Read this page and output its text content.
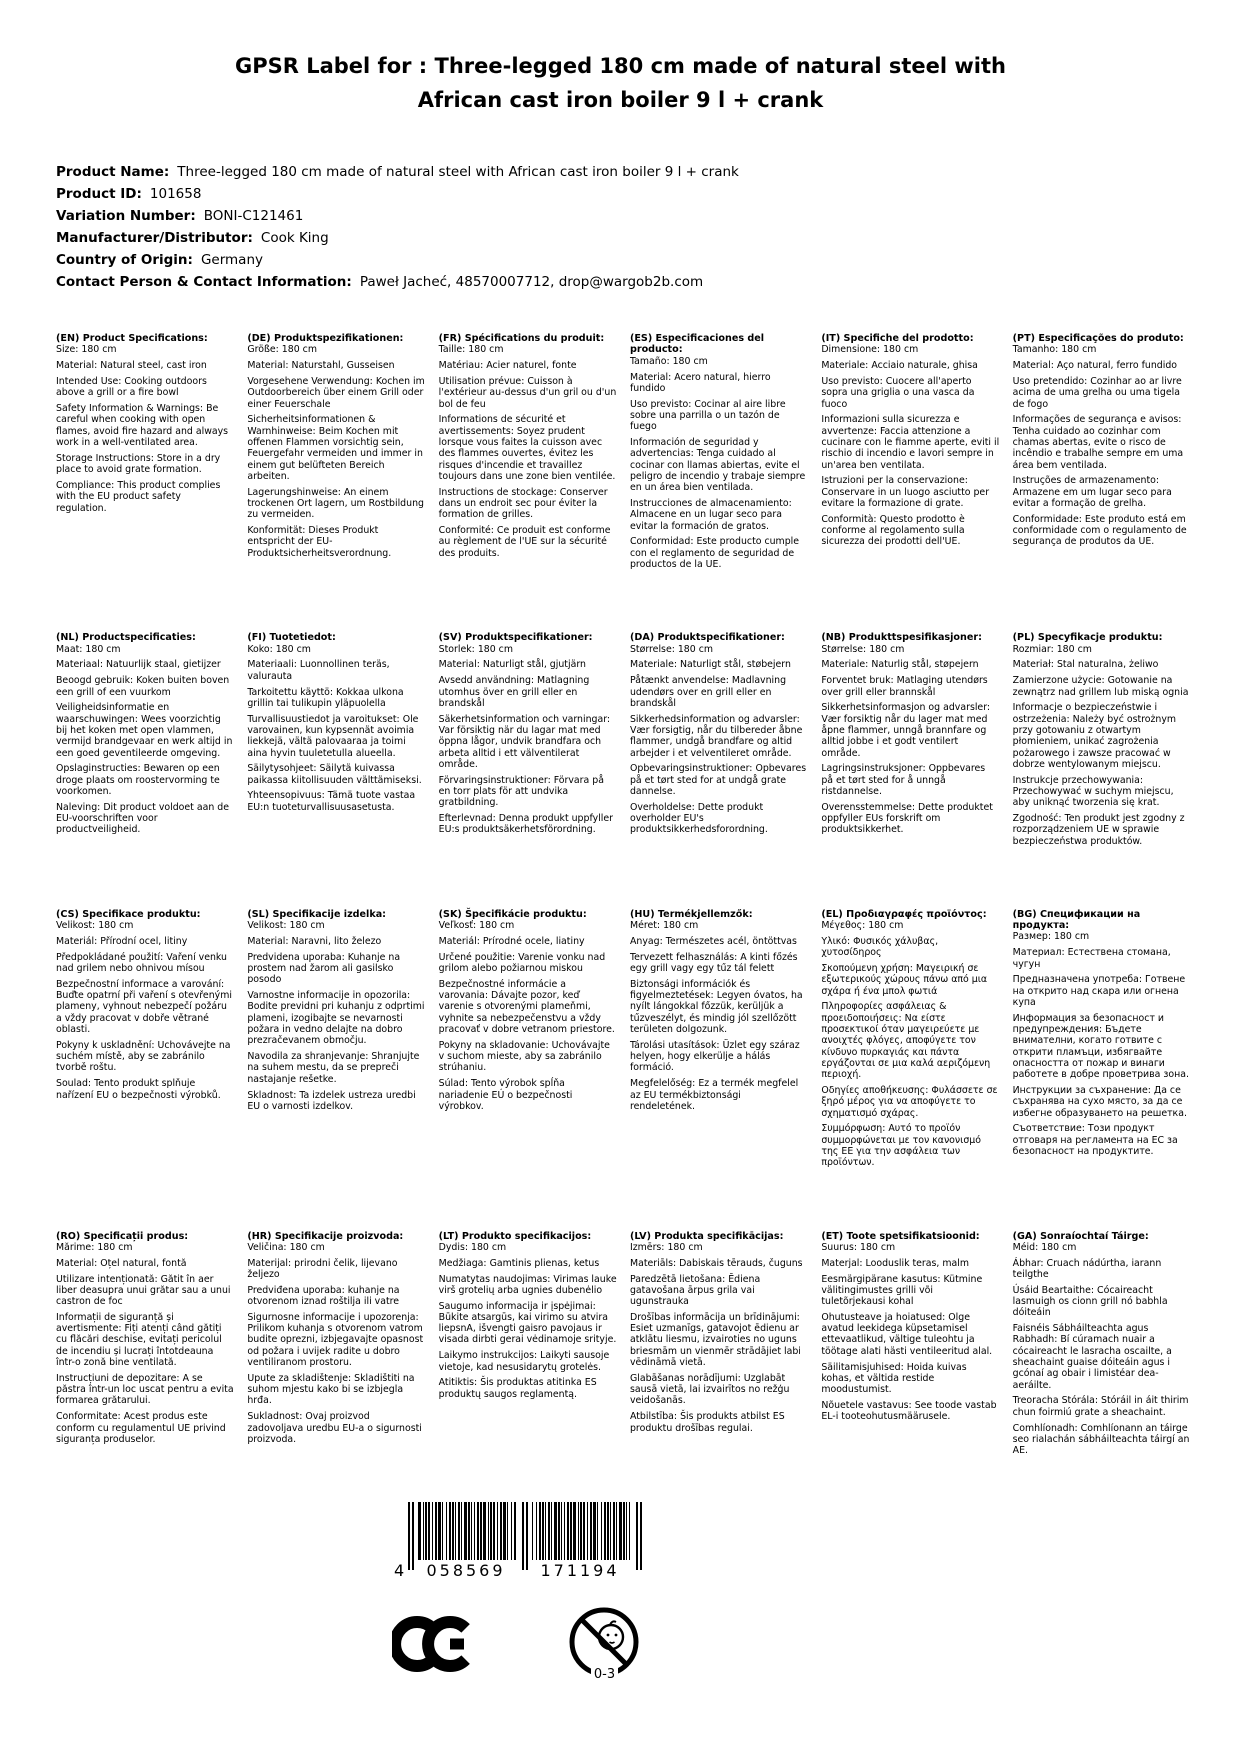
GPSR Label for : Three-legged 180 cm made of natural steel with African cast iron boiler 9 l + crank
Product Name: Three-legged 180 cm made of natural steel with African cast iron boiler 9 l + crank
Product ID: 101658
Variation Number: BONI-C121461
Manufacturer/Distributor: Cook King
Country of Origin: Germany
Contact Person & Contact Information: Paweł Jacheć, 48570007712, drop@wargob2b.com
(EN) Product Specifications:

Size: 180 cm

Material: Natural steel, cast iron

Intended Use: Cooking outdoors above a grill or a fire bowl

Safety Information & Warnings: Be careful when cooking with open flames, avoid fire hazard and always work in a well-ventilated area.

Storage Instructions: Store in a dry place to avoid grate formation.

Compliance: This product complies with the EU product safety regulation.

(DE) Produktspezifikationen:

Größe: 180 cm

Material: Naturstahl, Gusseisen

Vorgesehene Verwendung: Kochen im Outdoorbereich über einem Grill oder einer Feuerschale

Sicherheitsinformationen & Warnhinweise: Beim Kochen mit offenen Flammen vorsichtig sein, Feuergefahr vermeiden und immer in einem gut belüfteten Bereich arbeiten.

Lagerungshinweise: An einem trockenen Ort lagern, um Rostbildung zu vermeiden.

Konformität: Dieses Produkt entspricht der EU-Produktsicherheitsverordnung.

(FR) Spécifications du produit:

Taille: 180 cm

Matériau: Acier naturel, fonte

Utilisation prévue: Cuisson à l'extérieur au-dessus d'un gril ou d'un bol de feu

Informations de sécurité et avertissements: Soyez prudent lorsque vous faites la cuisson avec des flammes ouvertes, évitez les risques d'incendie et travaillez toujours dans une zone bien ventilée.

Instructions de stockage: Conserver dans un endroit sec pour éviter la formation de grilles.

Conformité: Ce produit est conforme au règlement de l'UE sur la sécurité des produits.

(ES) Especificaciones del producto:

Tamaño: 180 cm

Material: Acero natural, hierro fundido

Uso previsto: Cocinar al aire libre sobre una parrilla o un tazón de fuego

Información de seguridad y advertencias: Tenga cuidado al cocinar con llamas abiertas, evite el peligro de incendio y trabaje siempre en un área bien ventilada.

Instrucciones de almacenamiento: Almacene en un lugar seco para evitar la formación de gratos.

Conformidad: Este producto cumple con el reglamento de seguridad de productos de la UE.

(IT) Specifiche del prodotto:

Dimensione: 180 cm

Materiale: Acciaio naturale, ghisa

Uso previsto: Cuocere all'aperto sopra una griglia o una vasca da fuoco

Informazioni sulla sicurezza e avvertenze: Faccia attenzione a cucinare con le fiamme aperte, eviti il rischio di incendio e lavori sempre in un'area ben ventilata.

Istruzioni per la conservazione: Conservare in un luogo asciutto per evitare la formazione di grate.

Conformità: Questo prodotto è conforme al regolamento sulla sicurezza dei prodotti dell'UE.

(PT) Especificações do produto:

Tamanho: 180 cm

Material: Aço natural, ferro fundido

Uso pretendido: Cozinhar ao ar livre acima de uma grelha ou uma tigela de fogo

Informações de segurança e avisos: Tenha cuidado ao cozinhar com chamas abertas, evite o risco de incêndio e trabalhe sempre em uma área bem ventilada.

Instruções de armazenamento: Armazene em um lugar seco para evitar a formação de grelha.

Conformidade: Este produto está em conformidade com o regulamento de segurança de produtos da UE.

(NL) Productspecificaties:

Maat: 180 cm

Materiaal: Natuurlijk staal, gietijzer

Beoogd gebruik: Koken buiten boven een grill of een vuurkom

Veiligheidsinformatie en waarschuwingen: Wees voorzichtig bij het koken met open vlammen, vermijd brandgevaar en werk altijd in een goed geventileerde omgeving.

Opslaginstructies: Bewaren op een droge plaats om roostervorming te voorkomen.

Naleving: Dit product voldoet aan de EU-voorschriften voor productveiligheid.

(FI) Tuotetiedot:

Koko: 180 cm

Materiaali: Luonnollinen teräs, valurauta

Tarkoitettu käyttö: Kokkaa ulkona grillin tai tulikupin yläpuolella

Turvallisuustiedot ja varoitukset: Ole varovainen, kun kypsennät avoimia liekkejä, vältä palovaaraa ja toimi aina hyvin tuuletetulla alueella.

Säilytysohjeet: Säilytä kuivassa paikassa kiitollisuuden välttämiseksi.

Yhteensopivuus: Tämä tuote vastaa EU:n tuoteturvallisuusasetusta.

(SV) Produktspecifikationer:

Storlek: 180 cm

Material: Naturligt stål, gjutjärn

Avsedd användning: Matlagning utomhus över en grill eller en brandskål

Säkerhetsinformation och varningar: Var försiktig när du lagar mat med öppna lågor, undvik brandfara och arbeta alltid i ett välventilerat område.

Förvaringsinstruktioner: Förvara på en torr plats för att undvika gratbildning.

Efterlevnad: Denna produkt uppfyller EU:s produktsäkerhetsförordning.

(DA) Produktspecifikationer:

Størrelse: 180 cm

Materiale: Naturligt stål, støbejern

Påtænkt anvendelse: Madlavning udendørs over en grill eller en brandskål

Sikkerhedsinformation og advarsler: Vær forsigtig, når du tilbereder åbne flammer, undgå brandfare og altid arbejder i et velventileret område.

Opbevaringsinstruktioner: Opbevares på et tørt sted for at undgå grate dannelse.

Overholdelse: Dette produkt overholder EU's produktsikkerhedsforordning.

(NB) Produkttspesifikasjoner:

Størrelse: 180 cm

Materiale: Naturlig stål, støpejern

Forventet bruk: Matlaging utendørs over grill eller brannskål

Sikkerhetsinformasjon og advarsler: Vær forsiktig når du lager mat med åpne flammer, unngå brannfare og alltid jobbe i et godt ventilert område.

Lagringsinstruksjoner: Oppbevares på et tørt sted for å unngå ristdannelse.

Overensstemmelse: Dette produktet oppfyller EUs forskrift om produktsikkerhet.

(PL) Specyfikacje produktu:

Rozmiar: 180 cm

Materiał: Stal naturalna, żeliwo

Zamierzone użycie: Gotowanie na zewnątrz nad grillem lub miską ognia

Informacje o bezpieczeństwie i ostrzeżenia: Należy być ostrożnym przy gotowaniu z otwartym płomieniem, unikać zagrożenia pożarowego i zawsze pracować w dobrze wentylowanym miejscu.

Instrukcje przechowywania: Przechowywać w suchym miejscu, aby uniknąć tworzenia się krat.

Zgodność: Ten produkt jest zgodny z rozporządzeniem UE w sprawie bezpieczeństwa produktów.

(CS) Specifikace produktu:

Velikost: 180 cm

Materiál: Přírodní ocel, litiny

Předpokládané použití: Vaření venku nad grilem nebo ohnivou mísou

Bezpečnostní informace a varování: Buďte opatrní při vaření s otevřenými plameny, vyhnout nebezpečí požáru a vždy pracovat v dobře větrané oblasti.

Pokyny k uskladnění: Uchovávejte na suchém místě, aby se zabránilo tvorbě roštu.

Soulad: Tento produkt splňuje nařízení EU o bezpečnosti výrobků.

(SL) Specifikacije izdelka:

Velikost: 180 cm

Material: Naravni, lito železo

Predvidena uporaba: Kuhanje na prostem nad žarom ali gasilsko posodo

Varnostne informacije in opozorila: Bodite previdni pri kuhanju z odprtimi plameni, izogibajte se nevarnosti požara in vedno delajte na dobro prezračevanem območju.

Navodila za shranjevanje: Shranjujte na suhem mestu, da se prepreči nastajanje rešetke.

Skladnost: Ta izdelek ustreza uredbi EU o varnosti izdelkov.

(SK) Špecifikácie produktu:

Veľkosť: 180 cm

Materiál: Prírodné ocele, liatiny

Určené použitie: Varenie vonku nad grilom alebo požiarnou miskou

Bezpečnostné informácie a varovania: Dávajte pozor, keď varenie s otvorenými plameňmi, vyhnite sa nebezpečenstvu a vždy pracovať v dobre vetranom priestore.

Pokyny na skladovanie: Uchovávajte v suchom mieste, aby sa zabránilo strúhaniu.

Súlad: Tento výrobok spĺňa nariadenie EÚ o bezpečnosti výrobkov.

(HU) Termékjellemzők:

Méret: 180 cm

Anyag: Természetes acél, öntöttvas

Tervezett felhasználás: A kinti főzés egy grill vagy egy tűz tál felett

Biztonsági információk és figyelmeztetések: Legyen óvatos, ha nyílt lángokkal főzzük, kerüljük a tűzveszélyt, és mindig jól szellőzött területen dolgozunk.

Tárolási utasítások: Üzlet egy száraz helyen, hogy elkerülje a hálás formáció.

Megfelelőség: Ez a termék megfelel az EU termékbiztonsági rendeletének.

(EL) Προδιαγραφές προϊόντος:

Μέγεθος: 180 cm

Υλικό: Φυσικός χάλυβας, χυτοσίδηρος

Σκοπούμενη χρήση: Μαγειρική σε εξωτερικούς χώρους πάνω από μια σχάρα ή ένα μπολ φωτιά

Πληροφορίες ασφάλειας & προειδοποιήσεις: Να είστε προσεκτικοί όταν μαγειρεύετε με ανοιχτές φλόγες, αποφύγετε τον κίνδυνο πυρκαγιάς και πάντα εργάζονται σε μια καλά αεριζόμενη περιοχή.

Οδηγίες αποθήκευσης: Φυλάσσετε σε ξηρό μέρος για να αποφύγετε το σχηματισμό σχάρας.

Συμμόρφωση: Αυτό το προϊόν συμμορφώνεται με τον κανονισμό της ΕΕ για την ασφάλεια των προϊόντων.

(BG) Спецификации на продукта:

Размер: 180 cm

Материал: Естествена стомана, чугун

Предназначена употреба: Готвене на открито над скара или огнена купа

Информация за безопасност и предупреждения: Бъдете внимателни, когато готвите с открити пламъци, избягвайте опасността от пожар и винаги работете в добре проветрива зона.

Инструкции за съхранение: Да се съхранява на сухо място, за да се избегне образуването на решетка.

Съответствие: Този продукт отговаря на регламента на ЕС за безопасност на продуктите.

(RO) Specificații produs:

Mărime: 180 cm

Material: Oțel natural, fontă

Utilizare intenționată: Gătit în aer liber deasupra unui grătar sau a unui castron de foc

Informații de siguranță și avertismente: Fiți atenți când gătiți cu flăcări deschise, evitați pericolul de incendiu și lucrați întotdeauna într-o zonă bine ventilată.

Instrucțiuni de depozitare: A se păstra într-un loc uscat pentru a evita formarea grătarului.

Conformitate: Acest produs este conform cu regulamentul UE privind siguranța produselor.

(HR) Specifikacije proizvoda:

Veličina: 180 cm

Materijal: prirodni čelik, lijevano željezo

Predviđena uporaba: kuhanje na otvorenom iznad roštilja ili vatre

Sigurnosne informacije i upozorenja: Prilikom kuhanja s otvorenom vatrom budite oprezni, izbjegavajte opasnost od požara i uvijek radite u dobro ventiliranom prostoru.

Upute za skladištenje: Skladištiti na suhom mjestu kako bi se izbjegla hrđa.

Sukladnost: Ovaj proizvod zadovoljava uredbu EU-a o sigurnosti proizvoda.

(LT) Produkto specifikacijos:

Dydis: 180 cm

Medžiaga: Gamtinis plienas, ketus

Numatytas naudojimas: Virimas lauke virš grotelių arba ugnies dubenėlio

Saugumo informacija ir įspėjimai: Būkite atsargūs, kai virimo su atvira liepsnA, išvengti gaisro pavojaus ir visada dirbti gerai vėdinamoje srityje.

Laikymo instrukcijos: Laikyti sausoje vietoje, kad nesusidarytų grotelės.

Atitiktis: Šis produktas atitinka ES produktų saugos reglamentą.

(LV) Produkta specifikācijas:

Izmērs: 180 cm

Materiāls: Dabiskais tērauds, čuguns

Paredzētā lietošana: Ēdiena gatavošana ārpus grila vai ugunstrauka

Drošības informācija un brīdinājumi: Esiet uzmanīgs, gatavojot ēdienu ar atklātu liesmu, izvairoties no uguns briesmām un vienmēr strādājiet labi vēdināmā vietā.

Glabāšanas norādījumi: Uzglabāt sausā vietā, lai izvairītos no režģu veidošanās.

Atbilstība: Šis produkts atbilst ES produktu drošības regulai.

(ET) Toote spetsifikatsioonid:

Suurus: 180 cm

Materjal: Looduslik teras, malm

Eesmärgipärane kasutus: Kütmine välitingimustes grilli või tuletõrjekausi kohal

Ohutusteave ja hoiatused: Olge avatud leekidega küpsetamisel ettevaatlikud, vältige tuleohtu ja töötage alati hästi ventileeritud alal.

Säilitamisjuhised: Hoida kuivas kohas, et vältida restide moodustumist.

Nõuetele vastavus: See toode vastab EL-i tooteohutusmäärusele.

(GA) Sonraíochtaí Táirge:

Méid: 180 cm

Ábhar: Cruach nádúrtha, iarann teilgthe

Úsáid Beartaithe: Cócaireacht lasmuigh os cionn grill nó babhla dóiteáin

Faisnéis Sábháilteachta agus Rabhadh: Bí cúramach nuair a cócaireacht le lasracha oscailte, a sheachaint guaise dóiteáin agus i gcónaí ag obair i limistéar dea-aeráilte.

Treoracha Stórála: Stóráil in áit thirim chun foirmiú grate a sheachaint.

Comhlíonadh: Comhlíonann an táirge seo rialachán sábháilteachta táirgí an AE.

4 058569 171194
0-3
